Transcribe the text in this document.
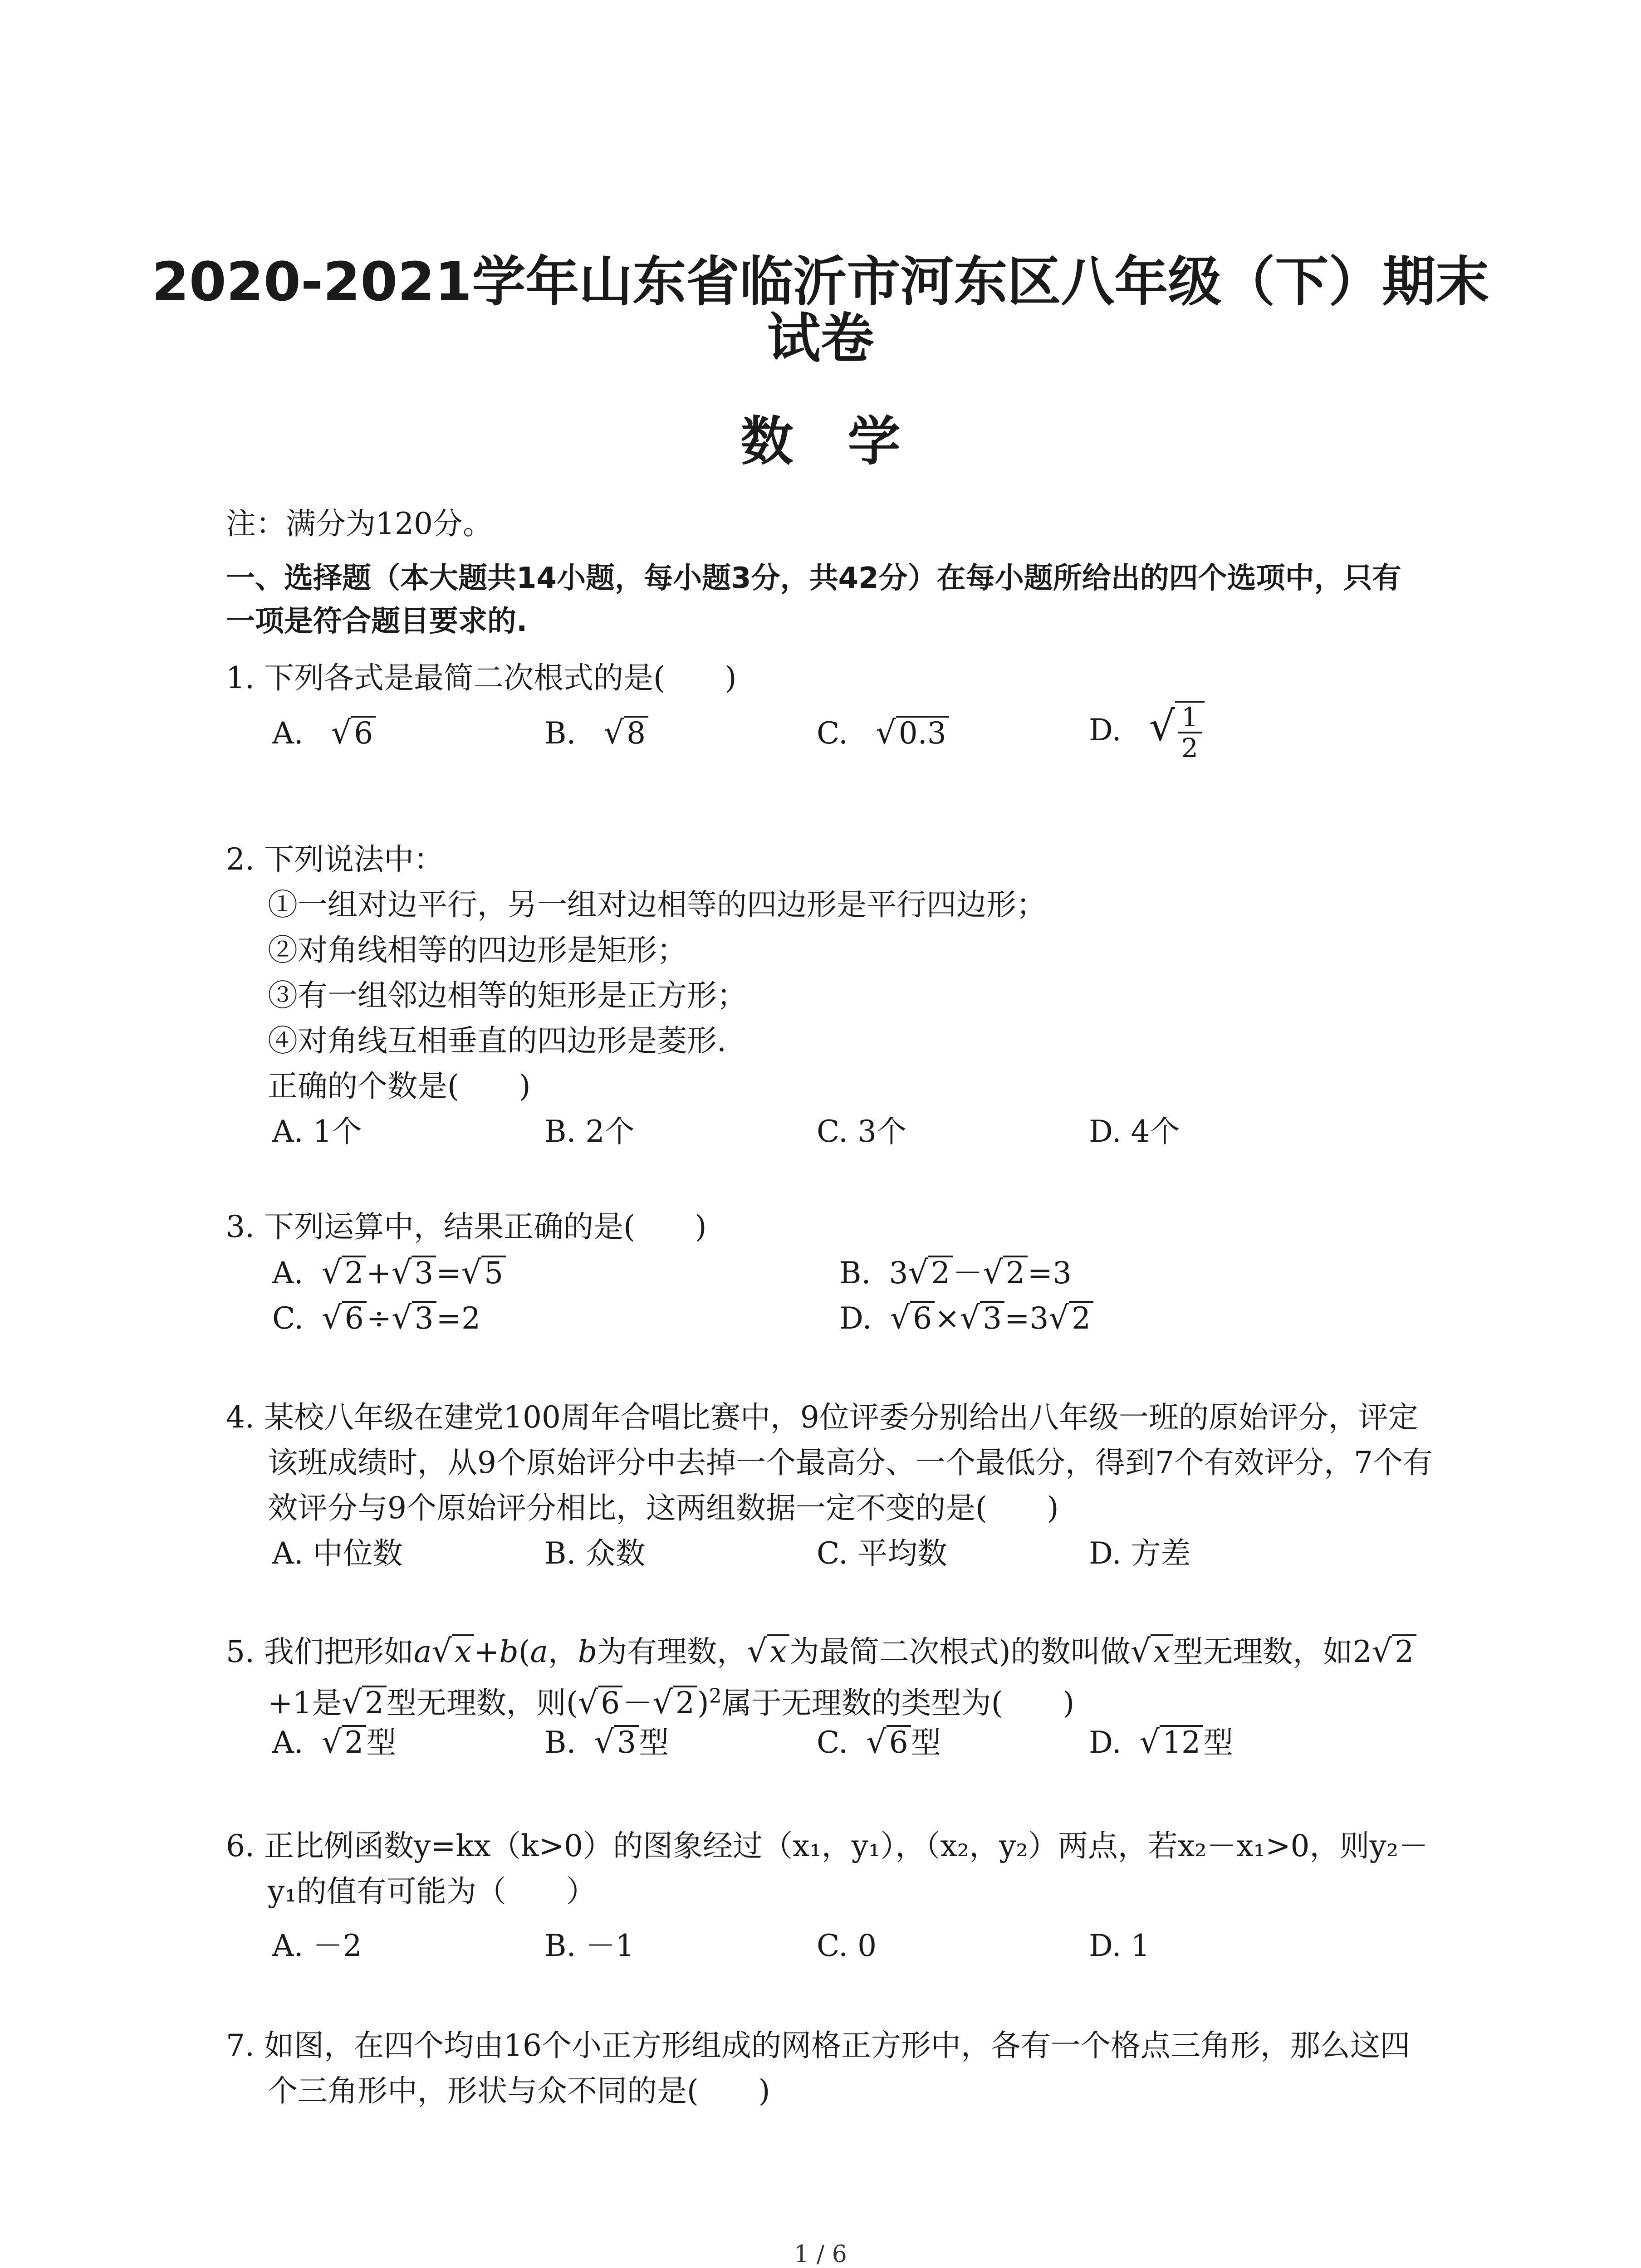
2020-2021学年山东省临沂市河东区八年级（下）期末
试卷
数学
注：满分为120分。
一、选择题（本大题共14小题，每小题3分，共42分）在每小题所给出的四个选项中，只有
一项是符合题目要求的.
1. 下列各式是最简二次根式的是(　　)
A. √6	B. √8	C. √0.3	D. √ $\frac{1}{2}$
2. 下列说法中：
①一组对边平行，另一组对边相等的四边形是平行四边形；
②对角线相等的四边形是矩形；
③有一组邻边相等的矩形是正方形；
④对角线互相垂直的四边形是菱形.
正确的个数是(　　)
A. 1个	B. 2个	C. 3个	D. 4个
3. 下列运算中，结果正确的是(　　)
A. √2+√3=√5	B. 3√2－√2=3
C. √6÷√3=2	D. √6×√3=3√2
4. 某校八年级在建党100周年合唱比赛中，9位评委分别给出八年级一班的原始评分，评定
该班成绩时，从9个原始评分中去掉一个最高分、一个最低分，得到7个有效评分，7个有
效评分与9个原始评分相比，这两组数据一定不变的是(　　)
A. 中位数	B. 众数	C. 平均数	D. 方差
5. 我们把形如a√x+b(a，b为有理数，√x为最简二次根式)的数叫做√x型无理数，如2√2
+1是√2型无理数，则$(√6-√2)^2$属于无理数的类型为(　　)
A. √2型	B. √3型	C. √6型	D. √12型
6. 正比例函数y=kx（k>0）的图象经过（x₁，y₁），（x₂，y₂）两点，若x₂－x₁>0，则y₂－
y₁的值有可能为（　　）
A. －2	B. －1	C. 0	D. 1
7. 如图，在四个均由16个小正方形组成的网格正方形中，各有一个格点三角形，那么这四
个三角形中，形状与众不同的是(　　)
1 / 6
